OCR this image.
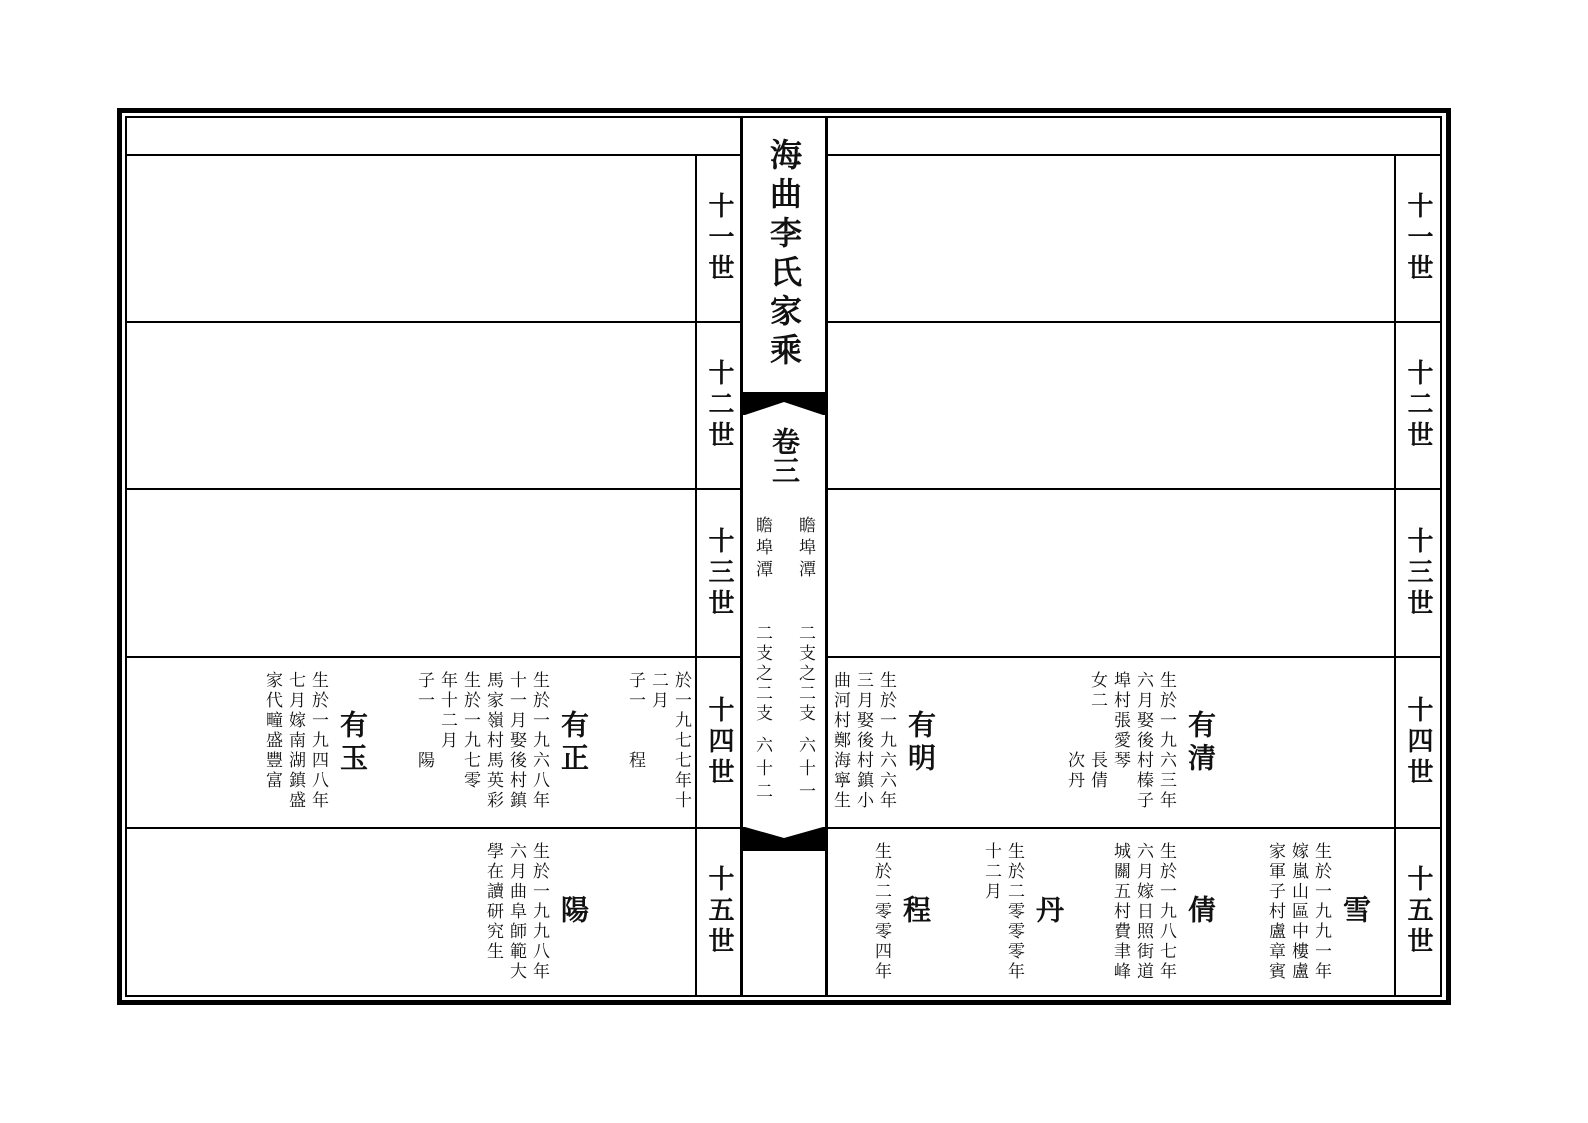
海曲李氏家乘
卷三
瞻埠潭
二支之二支
六十一
瞻埠潭
二支之二支
六十二
十一世
十二世
十三世
十四世
十五世
十一世
十二世
十三世
十四世
十五世
於一九七七年十
二月
子一　　程
有正
生於一九六八年
十一月娶後村鎮
馬家嶺村馬英彩
生於一九七零
年十二月
子一　　陽
有玉
生於一九四八年
七月嫁南湖鎮盛
家代疃盛豐富
陽
生於一九九八年
六月曲阜師範大
學在讀研究生
有清
生於一九六三年
六月娶後村榛子
埠村張愛琴
女二　　長倩
次丹
有明
生於一九六六年
三月娶後村鎮小
曲河村鄭海寧生
雪
生於一九九一年
嫁嵐山區中樓盧
家軍子村盧章賓
倩
生於一九八七年
六月嫁日照街道
城關五村費聿峰
丹
生於二零零零年
十二月
程
生於二零零四年
